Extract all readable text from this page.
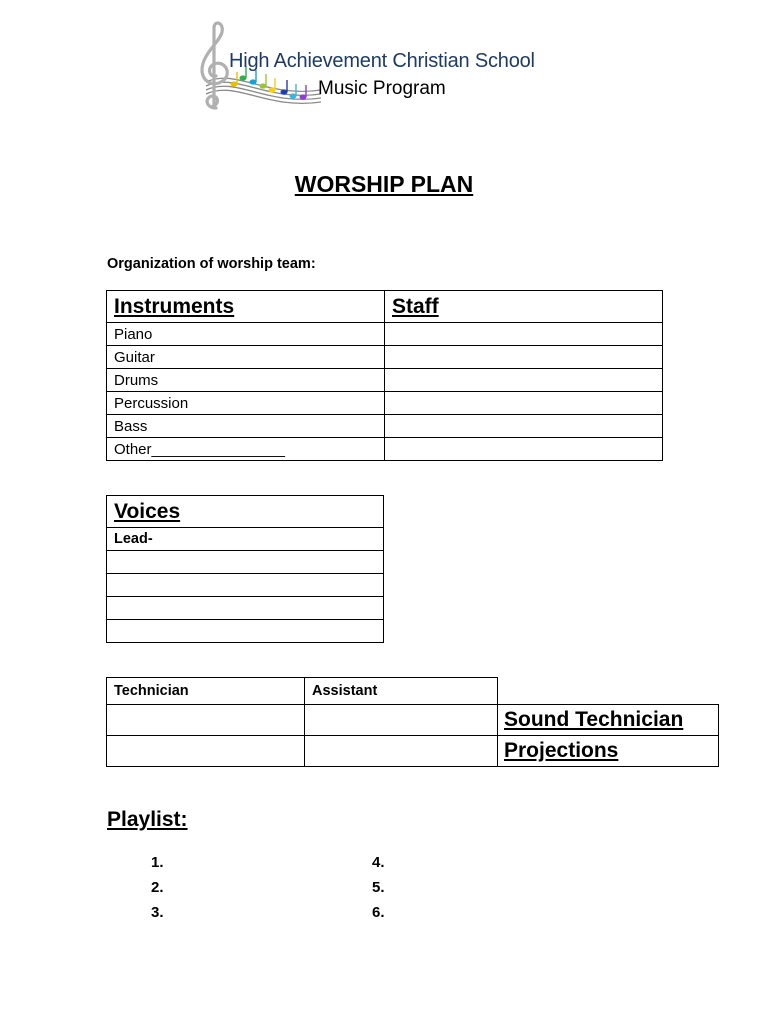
High Achievement Christian School
Music Program
WORSHIP PLAN
Organization of worship team:
Instruments	Staff
Piano	
Guitar	
Drums	
Percussion	
Bass	
Other________________	
Voices
Lead-

Technician	Assistant	
		Sound Technician
		Projections
Playlist:
1.
2.
3.
4.
5.
6.
